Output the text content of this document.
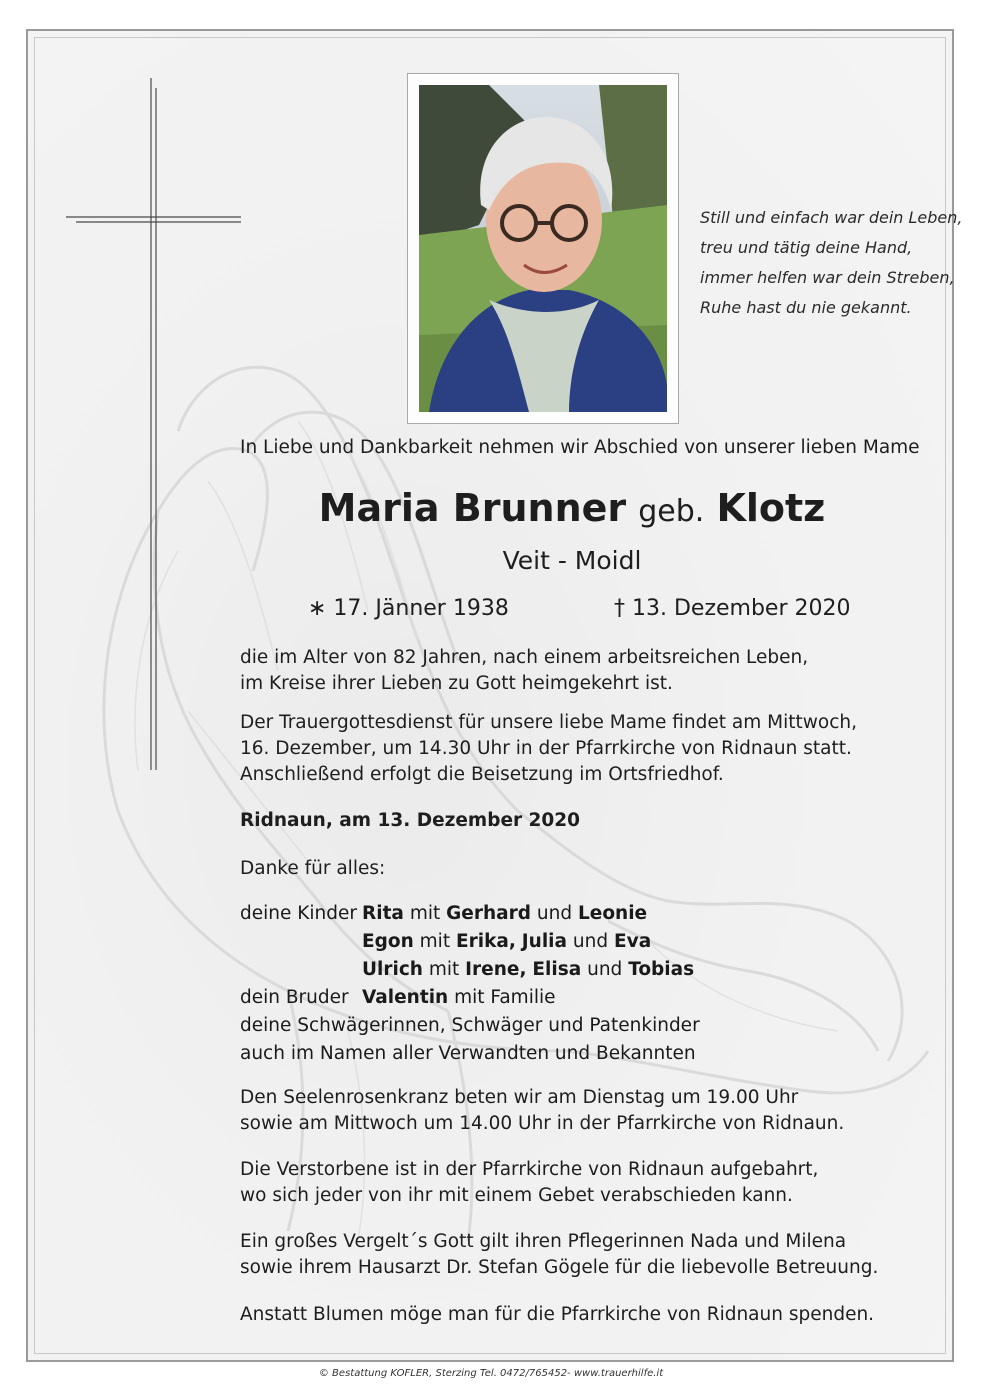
Still und einfach war dein Leben,
treu und tätig deine Hand,
immer helfen war dein Streben,
Ruhe hast du nie gekannt.
In Liebe und Dankbarkeit nehmen wir Abschied von unserer lieben Mame
Maria Brunner geb. Klotz
Veit - Moidl
∗ 17. Jänner 1938	† 13. Dezember 2020
die im Alter von 82 Jahren, nach einem arbeitsreichen Leben,
im Kreise ihrer Lieben zu Gott heimgekehrt ist.
Der Trauergottesdienst für unsere liebe Mame findet am Mittwoch,
16. Dezember, um 14.30 Uhr in der Pfarrkirche von Ridnaun statt.
Anschließend erfolgt die Beisetzung im Ortsfriedhof.
Ridnaun, am 13. Dezember 2020
Danke für alles:
deine Kinder Rita mit Gerhard und Leonie
Egon mit Erika, Julia und Eva
Ulrich mit Irene, Elisa und Tobias
dein Bruder Valentin mit Familie
deine Schwägerinnen, Schwäger und Patenkinder
auch im Namen aller Verwandten und Bekannten
Den Seelenrosenkranz beten wir am Dienstag um 19.00 Uhr
sowie am Mittwoch um 14.00 Uhr in der Pfarrkirche von Ridnaun.
Die Verstorbene ist in der Pfarrkirche von Ridnaun aufgebahrt,
wo sich jeder von ihr mit einem Gebet verabschieden kann.
Ein großes Vergelt´s Gott gilt ihren Pflegerinnen Nada und Milena
sowie ihrem Hausarzt Dr. Stefan Gögele für die liebevolle Betreuung.
Anstatt Blumen möge man für die Pfarrkirche von Ridnaun spenden.
© Bestattung KOFLER, Sterzing Tel. 0472/765452- www.trauerhilfe.it
